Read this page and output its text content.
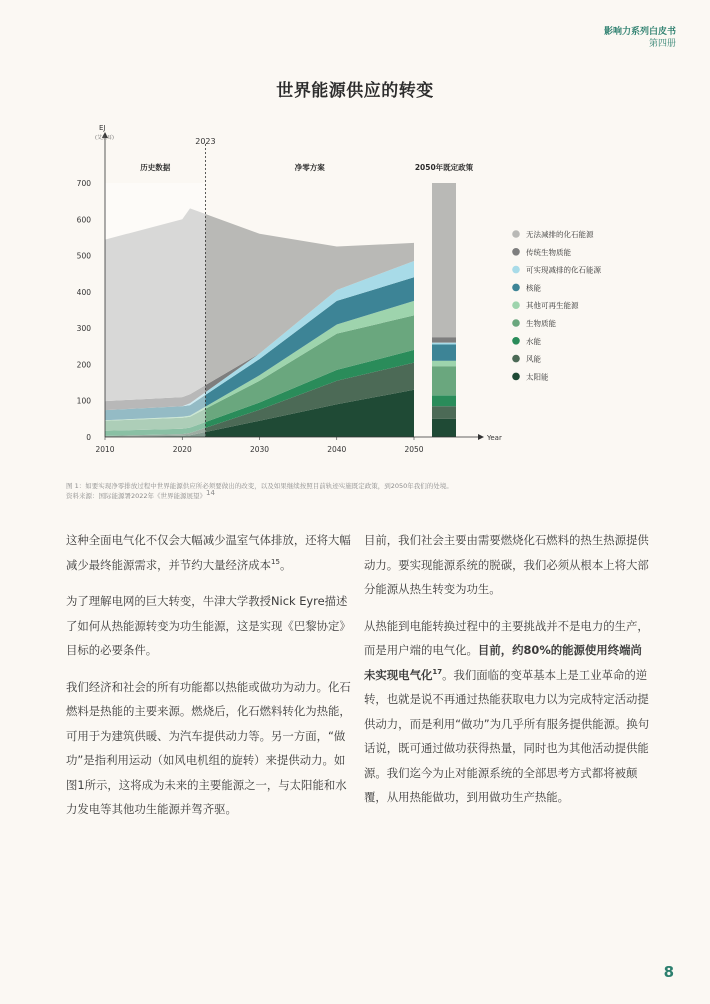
影响力系列白皮书
第四册
世界能源供应的转变
2023
EJ
(艾焦耳)
Year
0
100
200
300
400
500
600
700
2010	2020	2030	2040	2050
历史数据	净零方案	2050年既定政策
无法减排的化石能源
传统生物质能
可实现减排的化石能源
核能
其他可再生能源
生物质能
水能
风能
太阳能
图 1：如要实现净零排放过程中世界能源供应所必须要做出的改变，以及如果继续按照目前轨迹实施既定政策，到2050年我们的处境。
资料来源：国际能源署2022年《世界能源展望》$^{14}$

这种全面电气化不仅会大幅减少温室气体排放，还将大幅减少最终能源需求，并节约大量经济成本$^{15}$。

为了理解电网的巨大转变，牛津大学教授Nick Eyre描述了如何从热能源转变为功生能源，这是实现《巴黎协定》目标的必要条件。

我们经济和社会的所有功能都以热能或做功为动力。化石燃料是热能的主要来源。燃烧后，化石燃料转化为热能，可用于为建筑供暖、为汽车提供动力等。另一方面，“做功”是指利用运动（如风电机组的旋转）来提供动力。如图1所示，这将成为未来的主要能源之一，与太阳能和水力发电等其他功生能源并驾齐驱。

目前，我们社会主要由需要燃烧化石燃料的热生热源提供动力。要实现能源系统的脱碳，我们必须从根本上将大部分能源从热生转变为功生。

从热能到电能转换过程中的主要挑战并不是电力的生产，而是用户端的电气化。目前，约80%的能源使用终端尚未实现电气化$^{17}$。我们面临的变革基本上是工业革命的逆转，也就是说不再通过热能获取电力以为完成特定活动提供动力，而是利用“做功”为几乎所有服务提供能源。换句话说，既可通过做功获得热量，同时也为其他活动提供能源。我们迄今为止对能源系统的全部思考方式都将被颠覆，从用热能做功，到用做功生产热能。

8
